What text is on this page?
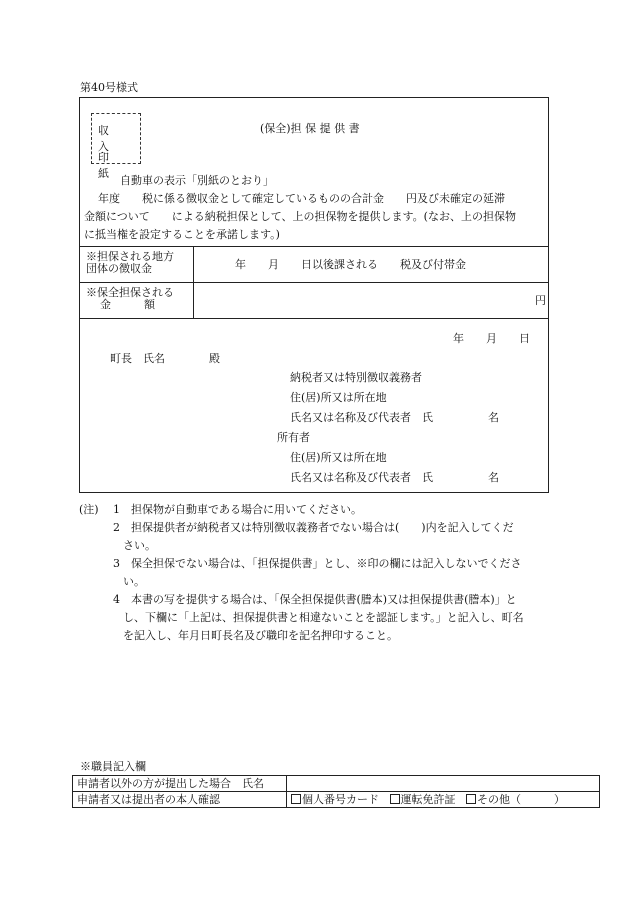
第40号様式
収入
印紙
(保全)担 保 提 供 書
自動車の表示「別紙のとおり」
年度　　税に係る徴収金として確定しているものの合計金　　円及び未確定の延滞
金額について　　による納税担保として、上の担保物を提供します。(なお、上の担保物
に抵当権を設定することを承諾します。)
※担保される地方
団体の徴収金	年　　月　　日以後課される　　税及び付帯金
※保全担保される
金　　　額	円
年　　月　　日
町長　氏名　　　　殿
納税者又は特別徴収義務者
住(居)所又は所在地
氏名又は名称及び代表者　氏　　　　　名
所有者
住(居)所又は所在地
氏名又は名称及び代表者　氏　　　　　名
(注) 1　担保物が自動車である場合に用いてください。
2　担保提供者が納税者又は特別徴収義務者でない場合は(　　)内を記入してくだ
さい。
3　保全担保でない場合は、「担保提供書」とし、※印の欄には記入しないでくださ
い。
4　本書の写を提供する場合は、「保全担保提供書(謄本)又は担保提供書(謄本)」と
し、下欄に「上記は、担保提供書と相違ないことを認証します。」と記入し、町名
を記入し、年月日町長名及び職印を記名押印すること。
※職員記入欄
申請者以外の方が提出した場合　氏名	
申請者又は提出者の本人確認	個人番号カード 運転免許証 その他（　　　）
